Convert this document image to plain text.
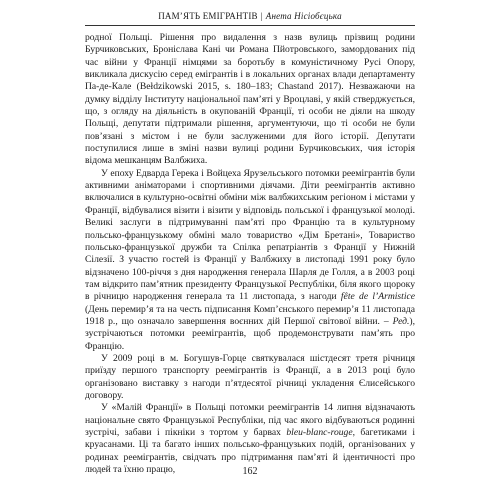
ПАМ’ЯТЬ ЕМІГРАНТІВ | Анета Нісіобєцька

родної Польщі. Рішення про видалення з назв вулиць прізвищ родини Бурчиковських, Броніслава Кані чи Романа Пйотровського, замордованих під час війни у Франції німцями за боротьбу в комуністичному Русі Опору, викликала дискусію серед емігрантів і в локальних органах влади департаменту Па-де-Кале (Bełdzikowski 2015, s. 180–183; Chastand 2017). Незважаючи на думку відділу Інституту національної пам’яті у Вроцлаві, у якій стверджується, що, з огляду на діяльність в окупованій Франції, ті особи не діяли на шкоду Польщі, депутати підтримали рішення, аргументуючи, що ті особи не були пов’язані з містом і не були заслуженими для його історії. Депутати поступилися лише в змінi назви вулиці родини Бурчиковських, чия історія відома мешканцям Валбжиха.

У епоху Едварда Герека і Войцеха Ярузельського потомки реемігрантів були активними аніматорами і спортивними діячами. Діти реемігрантів активно включалися в культурно-освітні обміни між валбжихським регіоном і містами у Франції, відбувалися візити і візити у відповідь польської і французької молоді. Великі заслуги в підтримуванні пам’яті про Францію та в культурному польсько-французькому обміні мало товариство «Дім Бретані», Товариство польсько-французької дружби та Спілка репатріантів з Франції у Нижній Сілезії. З участю гостей із Франції у Валбжиху в листопаді 1991 року було відзначено 100-річчя з дня народження генерала Шарля де Голля, а в 2003 році там відкрито пам’ятник президенту Французької Республіки, біля якого щороку в річницю народження генерала та 11 листопада, з нагоди fête de l’Armistice (День перемир’я та на честь підписання Комп’єнського перемир’я 11 листопада 1918 р., що означало завершення воєнних дій Першої світової війни. – Ред.), зустрічаються потомки реемігрантів, щоб продемонструвати пам’ять про Францію.

У 2009 році в м. Богушув-Горце святкувалася шістдесят третя річниця приїзду першого транспорту реемігрантів із Франції, а в 2013 році було організовано виставку з нагоди п’ятдесятої річниці укладення Єлисейського договору.

У «Малій Франції» в Польщі потомки реемігрантів 14 липня відзначають національне свято Французької Республіки, під час якого відбуваються родинні зустрічі, забави і пікніки з тортом у барвах bleu-blanc-rouge, багетиками і круасанами. Ці та багато інших польсько-французьких подій, організованих у родинах реемігрантів, свідчать про підтримання пам’яті й ідентичності про людей та їхню працю,	162
